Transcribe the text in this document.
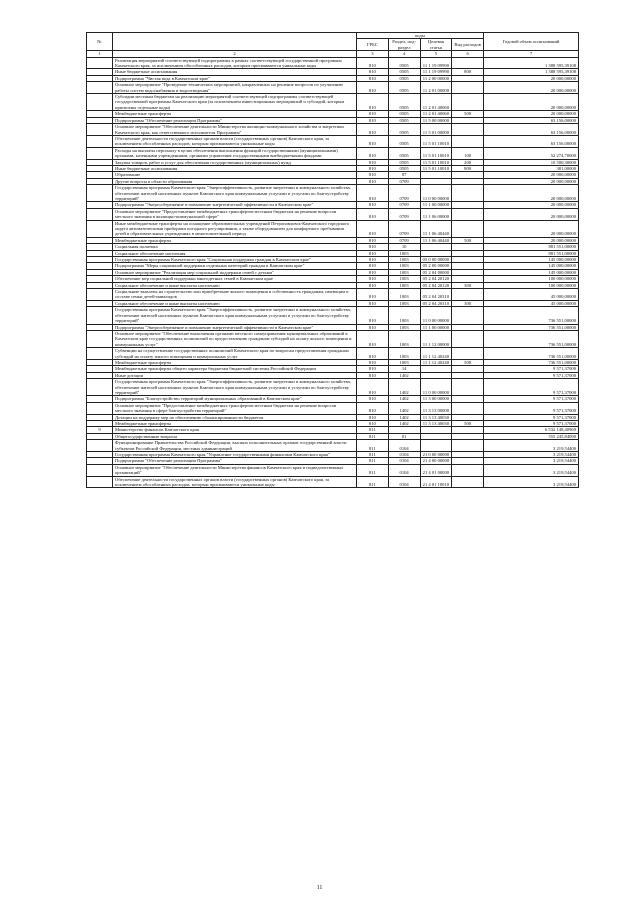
№		коды				Годовой объем ассигнований
		ГРБС	Раздел, под-раздел	Целевая статья	Вид расходов	
1	2	3	4	5	6	7
	Реализация мероприятий соответствующей подпрограммы в рамках соответствующей государственной программы Камчатского края, за исключением обособленных расходов, которым присваиваются уникальные коды	810	0505	11 1 19 09990		1 388 595,39108
	Иные бюджетные ассигнования	810	0505	11 1 19 09990	800	1 388 595,39108
	Подпрограмма "Чистая вода в Камчатском крае"	810	0505	11 2 00 00000		20 000,00000
	Основное мероприятие "Проведение технических мероприятий, направленных на решение вопросов по улучшению работы систем водоснабжения и водоотведения"	810	0505	11 2 01 00000		20 000,00000
	Субсидии местным бюджетам на реализацию мероприятий соответствующей подпрограммы соответствующей государственной программы Камчатского края (за исключением инвестиционных мероприятий и субсидий, которым присвоены отдельные коды)	810	0505	11 2 01 40060		20 000,00000
	Межбюджетные трансферты	810	0505	11 2 01 40060	500	20 000,00000
	Подпрограмма "Обеспечение реализации Программы"	810	0505	11 5 00 00000		63 156,00000
	Основное мероприятие "Обеспечение деятельности Министерства жилищно-коммунального хозяйства и энергетики Камчатского края, как ответственного исполнителя Программы"	810	0505	11 5 01 00000		63 156,00000
	Обеспечение деятельности государственных органов власти (государственных органов) Камчатского края, за исключением обособленных расходов, которым присваиваются уникальные коды	810	0505	11 5 01 10010		63 156,00000
	Расходы на выплаты персоналу в целях обеспечения выполнения функций государственными (муниципальными) органами, казенными учреждениями, органами управления государственными внебюджетными фондами	810	0505	11 5 01 10010	100	52 274,70000
	Закупка товаров, работ и услуг для обеспечения государственных (муниципальных) нужд	810	0505	11 5 01 10010	200	10 500,30000
	Иные бюджетные ассигнования	810	0505	11 5 01 10010	800	381,00000
	Образование	810	07			20 000,00000
	Другие вопросы в области образования	810	0709			20 000,00000
	Государственная программа Камчатского края "Энергоэффективность, развитие энергетики и коммунального хозяйства, обеспечение жителей населенных пунктов Камчатского края коммунальными услугами и услугами по благоустройству территорий"	810	0709	11 0 00 00000		20 000,00000
	Подпрограмма "Энергосбережение и повышение энергетической эффективности в Камчатском крае"	810	0709	11 1 00 00000		20 000,00000
	Основное мероприятие "Предоставление межбюджетных трансфертов местным бюджетам на решение вопросов местного значения в жилищно-коммунальной сфере"	810	0709	11 1 06 00000		20 000,00000
	Иные межбюджетные трансферты на оснащение образовательных учреждений Петропавловск-Камчатского городского округа автоматическими приборами погодного регулирования, а также оборудованием для комфортного пребывания детей в образовательных учреждениях в межотопительный период	810	0709	11 1 06 40440		20 000,00000
	Межбюджетные трансферты	810	0709	11 1 06 40440	500	20 000,00000
	Социальная политика	810	10			881 551,00000
	Социальное обеспечение населения	810	1003			881 551,00000
	Государственная программа Камчатского края "Социальная поддержка граждан в Камчатском крае"	810	1003	05 0 00 00000		145 000,00000
	Подпрограмма "Меры социальной поддержки отдельных категорий граждан в Камчатском крае"	810	1003	05 2 00 00000		145 000,00000
	Основное мероприятие "Реализация мер социальной поддержки семей с детьми"	810	1003	05 2 04 00000		145 000,00000
	Обеспечение мер социальной поддержки многодетных семей в Камчатском крае	810	1003	05 2 04 20120		100 000,00000
	Социальное обеспечение и иные выплаты населению	810	1003	05 2 04 20120	300	100 000,00000
	Социальные выплаты на строительство или приобретение жилого помещения в собственность гражданам, имеющим в составе семьи детей-инвалидов	810	1003	05 2 04 20310		45 000,00000
	Социальное обеспечение и иные выплаты населению	810	1003	05 2 04 20310	300	45 000,00000
	Государственная программа Камчатского края "Энергоэффективность, развитие энергетики и коммунального хозяйства, обеспечение жителей населенных пунктов Камчатского края коммунальными услугами и услугами по благоустройству территорий"	810	1003	11 0 00 00000		736 551,00000
	Подпрограмма "Энергосбережение и повышение энергетической эффективности в Камчатском крае"	810	1003	11 1 00 00000		736 551,00000
	Основное мероприятие "Обеспечение выполнения органами местного самоуправления муниципальных образований в Камчатском крае государственных полномочий по предоставлению гражданам субсидий на оплату жилого помещения и коммунальных услуг"	810	1003	11 1 12 00000		736 551,00000
	Субвенции на осуществление государственных полномочий Камчатского края по вопросам предоставления гражданам субсидий на оплату жилого помещения и коммунальных услуг	810	1003	11 1 12 40240		736 551,00000
	Межбюджетные трансферты	810	1003	11 1 12 40240	500	736 551,00000
	Межбюджетные трансферты общего характера бюджетам бюджетной системы Российской Федерации	810	14			9 571,37000
	Иные дотации	810	1402			9 571,37000
	Государственная программа Камчатского края "Энергоэффективность, развитие энергетики и коммунального хозяйства, обеспечение жителей населенных пунктов Камчатского края коммунальными услугами и услугами по благоустройству территорий"	810	1402	11 0 00 00000		9 571,37000
	Подпрограмма "Благоустройство территорий муниципальных образований в Камчатском крае"	810	1402	11 3 00 00000		9 571,37000
	Основное мероприятие "Предоставление межбюджетных трансфертов местным бюджетам на решение вопросов местного значения в сфере благоустройства территорий"	810	1402	11 3 13 00000		9 571,37000
	Дотации на поддержку мер по обеспечению сбалансированности бюджетов	810	1402	11 3 13 40030		9 571,37000
	Межбюджетные трансферты	810	1402	11 3 13 40030	500	9 571,37000
9	Министерство финансов Камчатского края	811				6 532 148,40969
	Общегосударственные вопросы	811	01			555 245,84090
	Функционирование Правительства Российской Федерации, высших исполнительных органов государственной власти субъектов Российской Федерации, местных администраций	811	0104			3 219,54400
	Государственная программа Камчатского края "Управление государственными финансами Камчатского края"	811	0104	21 0 00 00000		3 219,54400
	Подпрограмма "Обеспечение реализации Программы"	811	0104	21 4 00 00000		3 219,54400
	Основное мероприятие "Обеспечение деятельности Министерства финансов Камчатского края и подведомственных организаций"	811	0104	21 4 01 00000		3 219,54400
	Обеспечение деятельности государственных органов власти (государственных органов) Камчатского края, за исключением обособленных расходов, которым присваиваются уникальные коды	811	0104	21 4 01 10010		3 219,54400
11
